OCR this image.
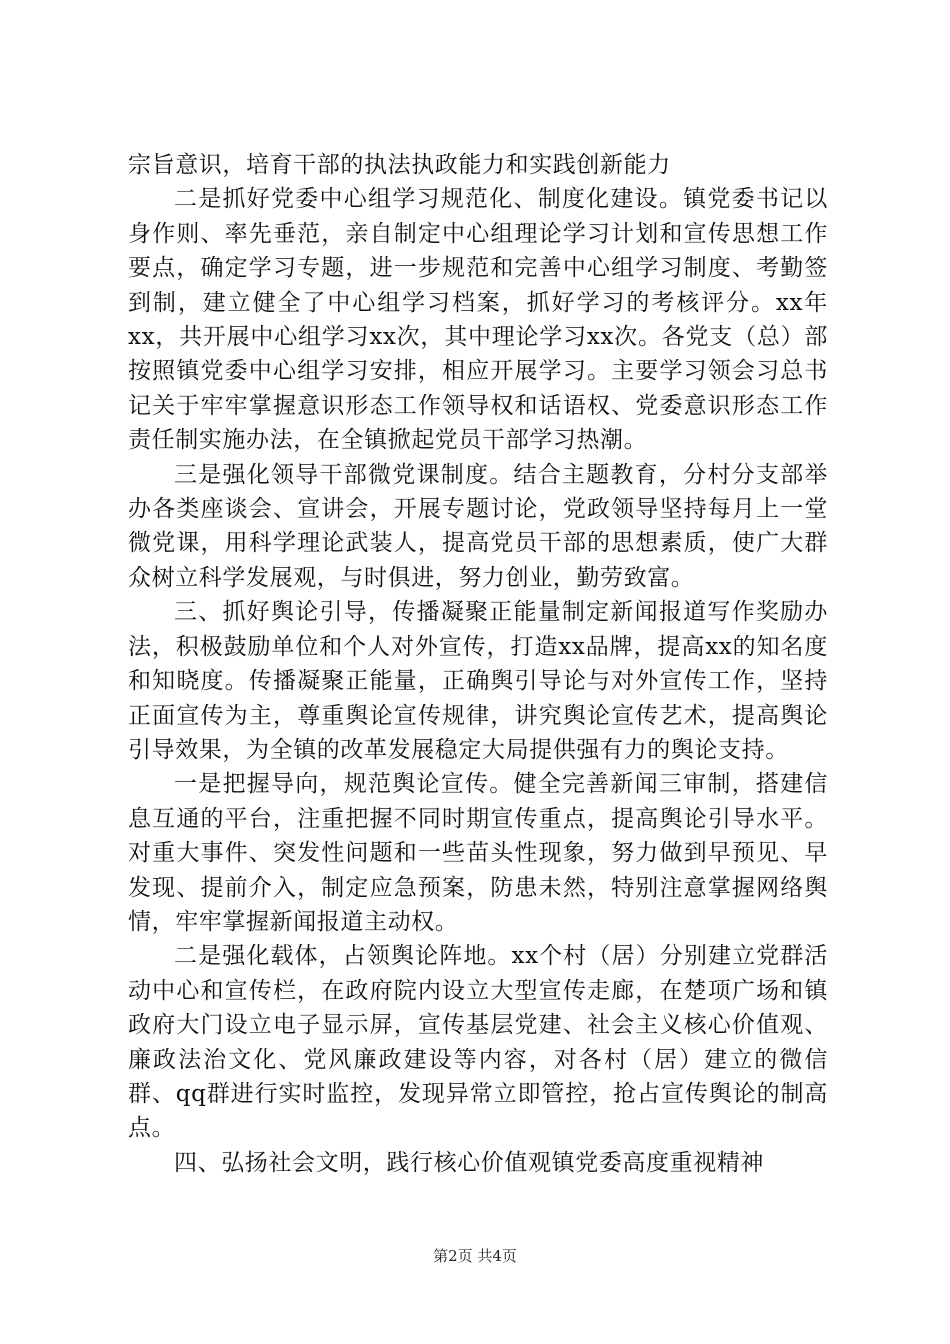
宗旨意识，培育干部的执法执政能力和实践创新能力

二是抓好党委中心组学习规范化、制度化建设。镇党委书记以身作则、率先垂范，亲自制定中心组理论学习计划和宣传思想工作要点，确定学习专题，进一步规范和完善中心组学习制度、考勤签到制，建立健全了中心组学习档案，抓好学习的考核评分。xx年xx，共开展中心组学习xx次，其中理论学习xx次。各党支（总）部按照镇党委中心组学习安排，相应开展学习。主要学习领会习总书记关于牢牢掌握意识形态工作领导权和话语权、党委意识形态工作责任制实施办法，在全镇掀起党员干部学习热潮。

三是强化领导干部微党课制度。结合主题教育，分村分支部举办各类座谈会、宣讲会，开展专题讨论，党政领导坚持每月上一堂微党课，用科学理论武装人，提高党员干部的思想素质，使广大群众树立科学发展观，与时俱进，努力创业，勤劳致富。

三、抓好舆论引导，传播凝聚正能量制定新闻报道写作奖励办法，积极鼓励单位和个人对外宣传，打造xx品牌，提高xx的知名度和知晓度。传播凝聚正能量，正确舆引导论与对外宣传工作，坚持正面宣传为主，尊重舆论宣传规律，讲究舆论宣传艺术，提高舆论引导效果，为全镇的改革发展稳定大局提供强有力的舆论支持。

一是把握导向，规范舆论宣传。健全完善新闻三审制，搭建信息互通的平台，注重把握不同时期宣传重点，提高舆论引导水平。对重大事件、突发性问题和一些苗头性现象，努力做到早预见、早发现、提前介入，制定应急预案，防患未然，特别注意掌握网络舆情，牢牢掌握新闻报道主动权。

二是强化载体，占领舆论阵地。xx个村（居）分别建立党群活动中心和宣传栏，在政府院内设立大型宣传走廊，在楚项广场和镇政府大门设立电子显示屏，宣传基层党建、社会主义核心价值观、廉政法治文化、党风廉政建设等内容，对各村（居）建立的微信群、qq群进行实时监控，发现异常立即管控，抢占宣传舆论的制高点。

四、弘扬社会文明，践行核心价值观镇党委高度重视精神

第2页 共4页
